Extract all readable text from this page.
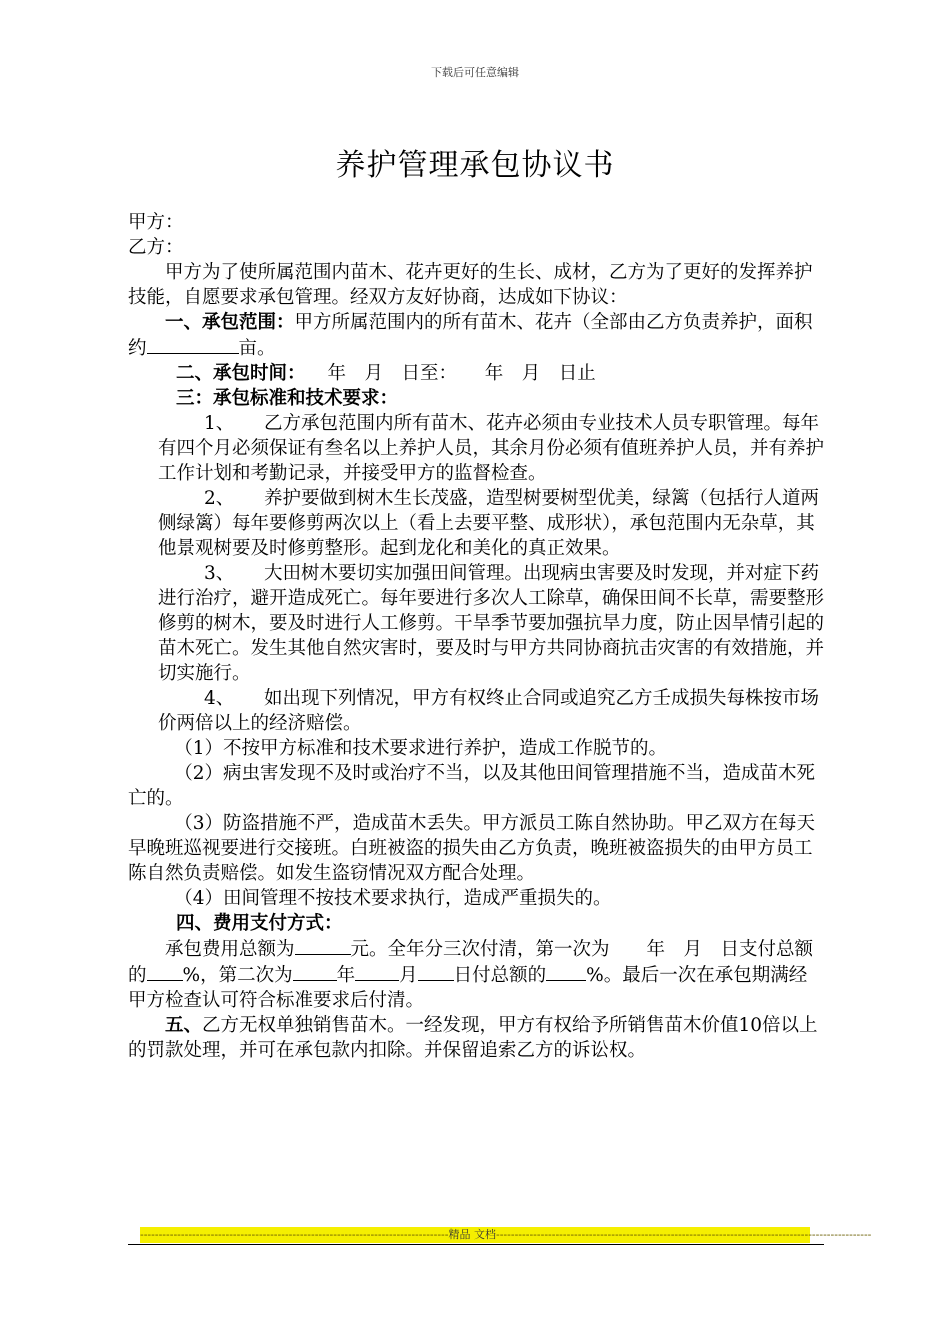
下载后可任意编辑
养护管理承包协议书

甲方：

乙方：

甲方为了使所属范围内苗木、花卉更好的生长、成材，乙方为了更好的发挥养护技能，自愿要求承包管理。经双方友好协商，达成如下协议：

一、承包范围：甲方所属范围内的所有苗木、花卉（全部由乙方负责养护，面积约	亩。

二、承包时间： 年　月　日至：　　年　月　日止

三：承包标准和技术要求：

1、 乙方承包范围内所有苗木、花卉必须由专业技术人员专职管理。每年有四个月必须保证有叁名以上养护人员，其余月份必须有值班养护人员，并有养护工作计划和考勤记录，并接受甲方的监督检查。

2、 养护要做到树木生长茂盛，造型树要树型优美，绿篱（包括行人道两侧绿篱）每年要修剪两次以上（看上去要平整、成形状），承包范围内无杂草，其他景观树要及时修剪整形。起到龙化和美化的真正效果。

3、 大田树木要切实加强田间管理。出现病虫害要及时发现，并对症下药进行治疗，避开造成死亡。每年要进行多次人工除草，确保田间不长草，需要整形修剪的树木，要及时进行人工修剪。干旱季节要加强抗旱力度，防止因旱情引起的苗木死亡。发生其他自然灾害时，要及时与甲方共同协商抗击灾害的有效措施，并切实施行。

4、 如出现下列情况，甲方有权终止合同或追究乙方壬成损失每株按市场价两倍以上的经济赔偿。

（1）不按甲方标准和技术要求进行养护，造成工作脱节的。

（2）病虫害发现不及时或治疗不当，以及其他田间管理措施不当，造成苗木死亡的。

（3）防盗措施不严，造成苗木丢失。甲方派员工陈自然协助。甲乙双方在每天早晚班巡视要进行交接班。白班被盗的损失由乙方负责，晚班被盗损失的由甲方员工陈自然负责赔偿。如发生盗窃情况双方配合处理。

（4）田间管理不按技术要求执行，造成严重损失的。

四、费用支付方式：

承包费用总额为	元。全年分三次付清，第一次为　　年　月　日支付总额的 %，第二次为 年 月 日付总额的 %。最后一次在承包期满经甲方检查认可符合标准要求后付清。

五、乙方无权单独销售苗木。一经发现，甲方有权给予所销售苗木价值10倍以上的罚款处理，并可在承包款内扣除。并保留追索乙方的诉讼权。

-----------------------------------------------------------------------------------精品 文档-----------------------------------------------------------------------------------------------------
